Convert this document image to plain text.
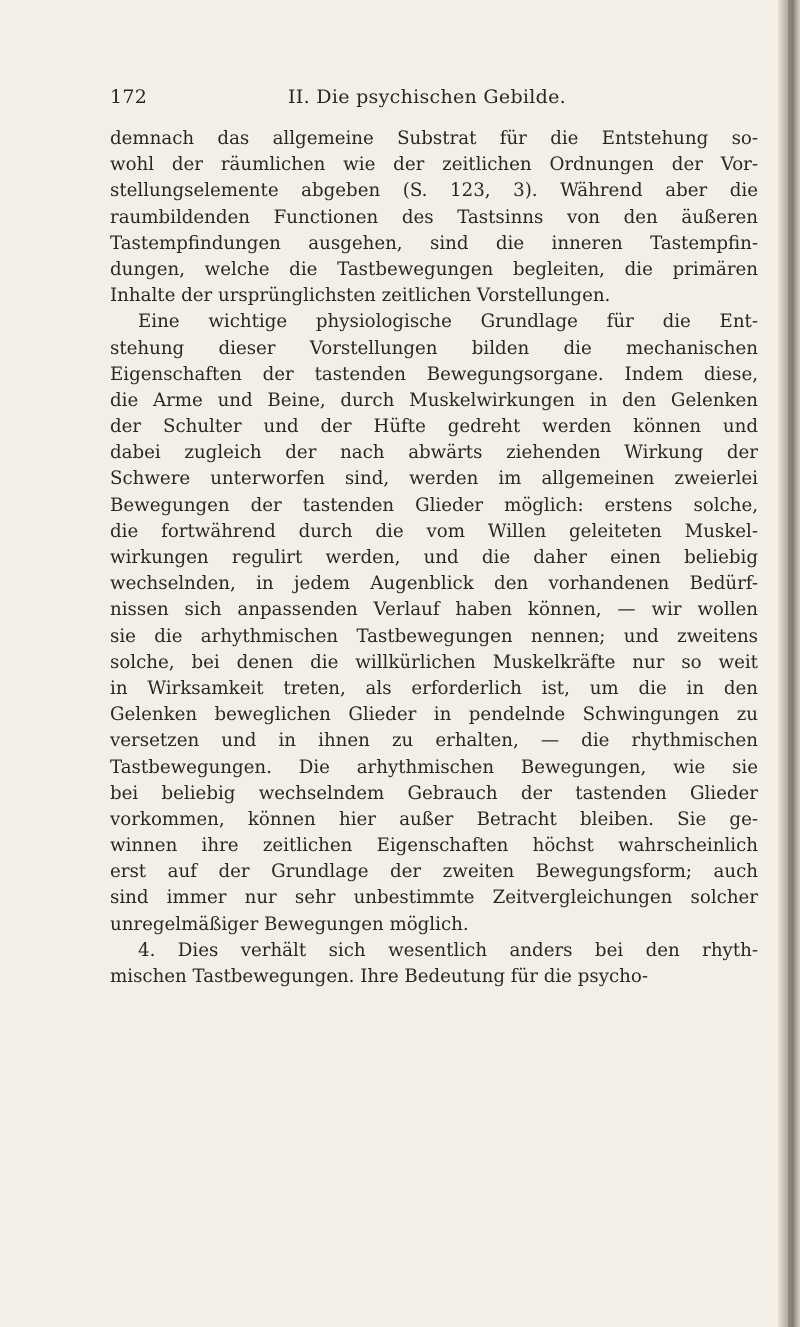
172	II. Die psychischen Gebilde.
demnach das allgemeine Substrat für die Entstehung so-
wohl der räumlichen wie der zeitlichen Ordnungen der Vor-
stellungselemente abgeben (S. 123, 3). Während aber die
raumbildenden Functionen des Tastsinns von den äußeren
Tastempfindungen ausgehen, sind die inneren Tastempfin-
dungen, welche die Tastbewegungen begleiten, die primären
Inhalte der ursprünglichsten zeitlichen Vorstellungen.
Eine wichtige physiologische Grundlage für die Ent-
stehung dieser Vorstellungen bilden die mechanischen
Eigenschaften der tastenden Bewegungsorgane. Indem diese,
die Arme und Beine, durch Muskelwirkungen in den Gelenken
der Schulter und der Hüfte gedreht werden können und
dabei zugleich der nach abwärts ziehenden Wirkung der
Schwere unterworfen sind, werden im allgemeinen zweierlei
Bewegungen der tastenden Glieder möglich: erstens solche,
die fortwährend durch die vom Willen geleiteten Muskel-
wirkungen regulirt werden, und die daher einen beliebig
wechselnden, in jedem Augenblick den vorhandenen Bedürf-
nissen sich anpassenden Verlauf haben können, — wir wollen
sie die arhythmischen Tastbewegungen nennen; und zweitens
solche, bei denen die willkürlichen Muskelkräfte nur so weit
in Wirksamkeit treten, als erforderlich ist, um die in den
Gelenken beweglichen Glieder in pendelnde Schwingungen zu
versetzen und in ihnen zu erhalten, — die rhythmischen
Tastbewegungen. Die arhythmischen Bewegungen, wie sie
bei beliebig wechselndem Gebrauch der tastenden Glieder
vorkommen, können hier außer Betracht bleiben. Sie ge-
winnen ihre zeitlichen Eigenschaften höchst wahrscheinlich
erst auf der Grundlage der zweiten Bewegungsform; auch
sind immer nur sehr unbestimmte Zeitvergleichungen solcher
unregelmäßiger Bewegungen möglich.
4. Dies verhält sich wesentlich anders bei den rhyth-
mischen Tastbewegungen. Ihre Bedeutung für die psycho-
